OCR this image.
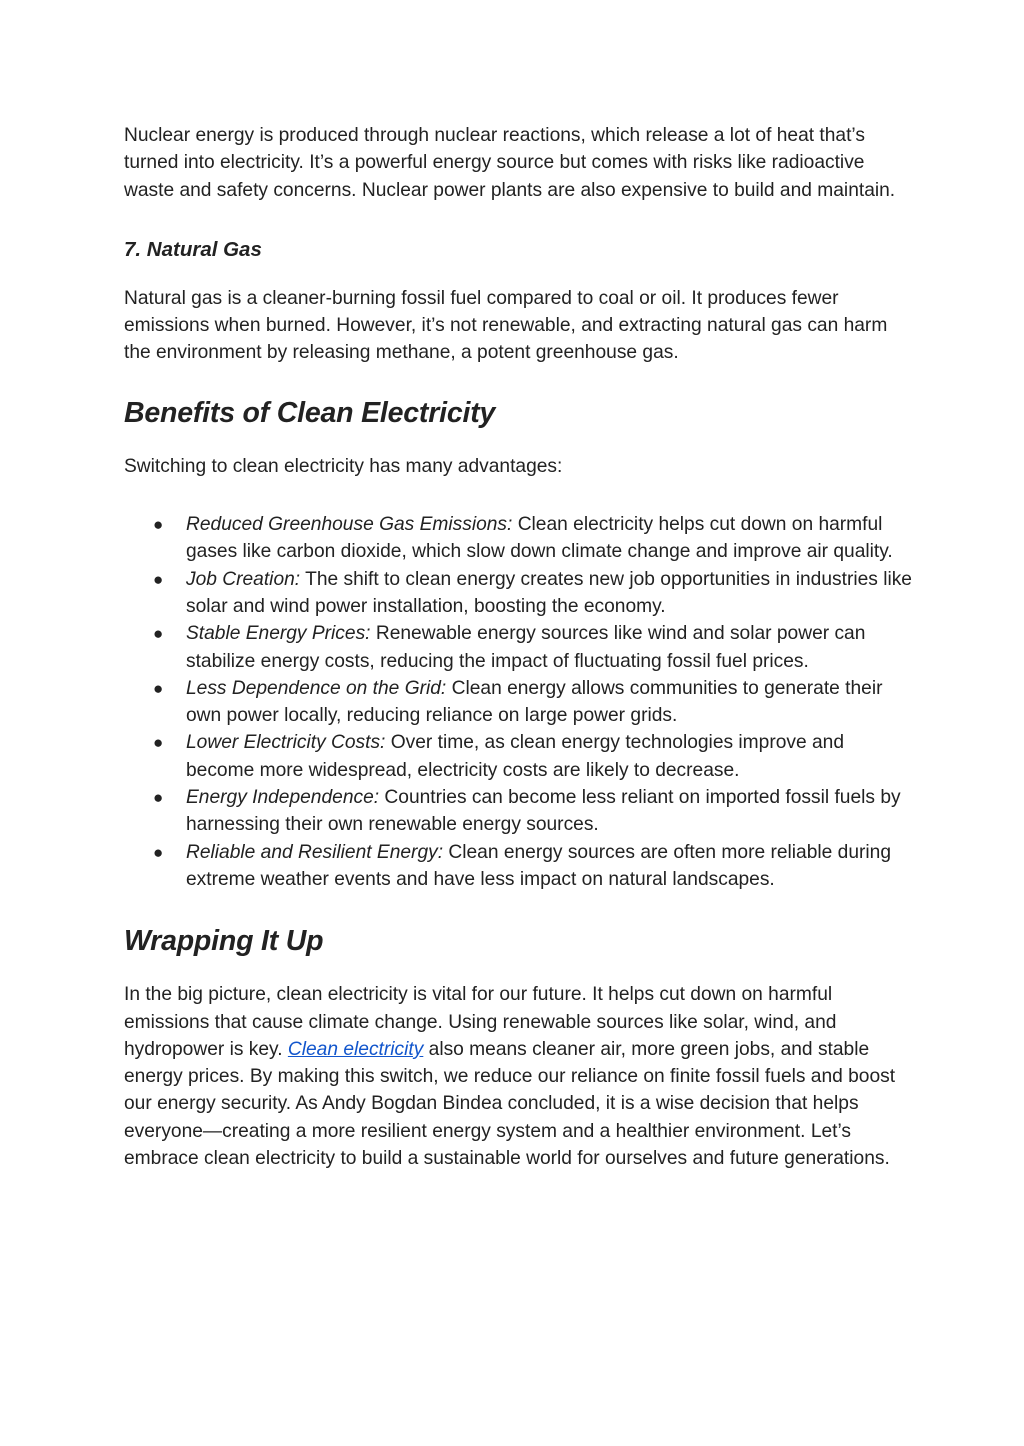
Nuclear energy is produced through nuclear reactions, which release a lot of heat that’s turned into electricity. It’s a powerful energy source but comes with risks like radioactive waste and safety concerns. Nuclear power plants are also expensive to build and maintain.

7. Natural Gas

Natural gas is a cleaner-burning fossil fuel compared to coal or oil. It produces fewer emissions when burned. However, it’s not renewable, and extracting natural gas can harm the environment by releasing methane, a potent greenhouse gas.

Benefits of Clean Electricity

Switching to clean electricity has many advantages:

● Reduced Greenhouse Gas Emissions: Clean electricity helps cut down on harmful gases like carbon dioxide, which slow down climate change and improve air quality.
● Job Creation: The shift to clean energy creates new job opportunities in industries like solar and wind power installation, boosting the economy.
● Stable Energy Prices: Renewable energy sources like wind and solar power can stabilize energy costs, reducing the impact of fluctuating fossil fuel prices.
● Less Dependence on the Grid: Clean energy allows communities to generate their own power locally, reducing reliance on large power grids.
● Lower Electricity Costs: Over time, as clean energy technologies improve and become more widespread, electricity costs are likely to decrease.
● Energy Independence: Countries can become less reliant on imported fossil fuels by harnessing their own renewable energy sources.
● Reliable and Resilient Energy: Clean energy sources are often more reliable during extreme weather events and have less impact on natural landscapes.
Wrapping It Up

In the big picture, clean electricity is vital for our future. It helps cut down on harmful emissions that cause climate change. Using renewable sources like solar, wind, and hydropower is key. Clean electricity also means cleaner air, more green jobs, and stable energy prices. By making this switch, we reduce our reliance on finite fossil fuels and boost our energy security. As Andy Bogdan Bindea concluded, it is a wise decision that helps everyone—creating a more resilient energy system and a healthier environment. Let’s embrace clean electricity to build a sustainable world for ourselves and future generations.
